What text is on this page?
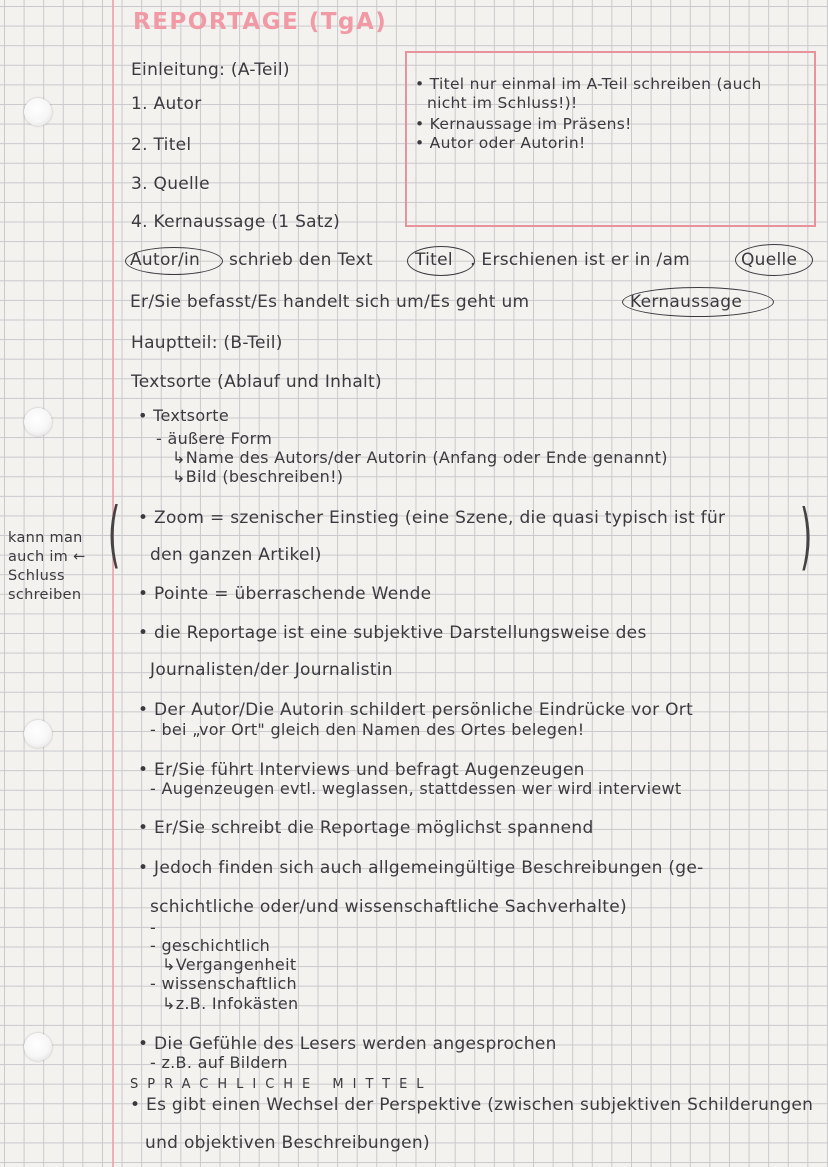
REPORTAGE (TgA)
Einleitung: (A-Teil)
1. Autor
2. Titel
3. Quelle
4. Kernaussage (1 Satz)
• Titel nur einmal im A-Teil schreiben (auch
nicht im Schluss!)!
• Kernaussage im Präsens!
• Autor oder Autorin!
Autor/in schrieb den Text Titel . Erschienen ist er in /am	Quelle
Er/Sie befasst/Es handelt sich um/Es geht um	Kernaussage
Hauptteil: (B-Teil)
Textsorte (Ablauf und Inhalt)
• Textsorte
- äußere Form
↳Name des Autors/der Autorin (Anfang oder Ende genannt)
↳Bild (beschreiben!)
kann man
auch im ←
Schluss
schreiben
(	)
• Zoom = szenischer Einstieg (eine Szene, die quasi typisch ist für
den ganzen Artikel)
• Pointe = überraschende Wende
• die Reportage ist eine subjektive Darstellungsweise des
Journalisten/der Journalistin
• Der Autor/Die Autorin schildert persönliche Eindrücke vor Ort
- bei „vor Ort" gleich den Namen des Ortes belegen!
• Er/Sie führt Interviews und befragt Augenzeugen
- Augenzeugen evtl. weglassen, stattdessen wer wird interviewt
• Er/Sie schreibt die Reportage möglichst spannend
• Jedoch finden sich auch allgemeingültige Beschreibungen (ge-
schichtliche oder/und wissenschaftliche Sachverhalte)
-
- geschichtlich
↳Vergangenheit
- wissenschaftlich
↳z.B. Infokästen
• Die Gefühle des Lesers werden angesprochen
- z.B. auf Bildern
SPRACHLICHE MITTEL
• Es gibt einen Wechsel der Perspektive (zwischen subjektiven Schilderungen
und objektiven Beschreibungen)
